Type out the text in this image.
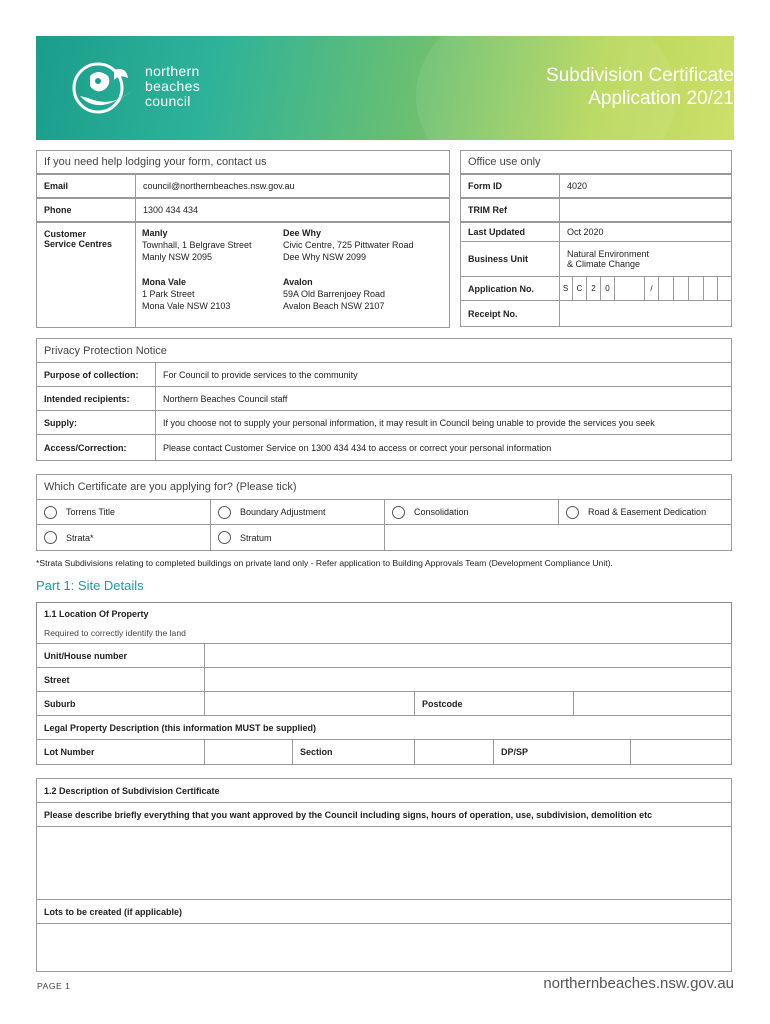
northern
beaches
council
Subdivision Certificate
Application 20/21
If you need help lodging your form, contact us
Email	council@northernbeaches.nsw.gov.au
Phone	1300 434 434
Customer
Service Centres
Manly
Townhall, 1 Belgrave Street
Manly NSW 2095
Dee Why
Civic Centre, 725 Pittwater Road
Dee Why NSW 2099
Mona Vale
1 Park Street
Mona Vale NSW 2103
Avalon
59A Old Barrenjoey Road
Avalon Beach NSW 2107
Office use only
Form ID	4020
TRIM Ref
Last Updated	Oct 2020
Business Unit	Natural Environment
& Climate Change
Application No.	S	C	2	0	/
Receipt No.
Privacy Protection Notice
Purpose of collection:	For Council to provide services to the community
Intended recipients:	Northern Beaches Council staff
Supply:	If you choose not to supply your personal information, it may result in Council being unable to provide the services you seek
Access/Correction:	Please contact Customer Service on 1300 434 434 to access or correct your personal information
Which Certificate are you applying for? (Please tick)
Torrens Title	Boundary Adjustment	Consolidation	Road & Easement Dedication
Strata*	Stratum
*Strata Subdivisions relating to completed buildings on private land only - Refer application to Building Approvals Team (Development Compliance Unit).
Part 1: Site Details
1.1 Location Of Property
Required to correctly identify the land
Unit/House number
Street
Suburb	Postcode
Legal Property Description (this information MUST be supplied)
Lot Number	Section	DP/SP
1.2 Description of Subdivision Certificate
Please describe briefly everything that you want approved by the Council including signs, hours of operation, use, subdivision, demolition etc
Lots to be created (if applicable)
PAGE 1	northernbeaches.nsw.gov.au
